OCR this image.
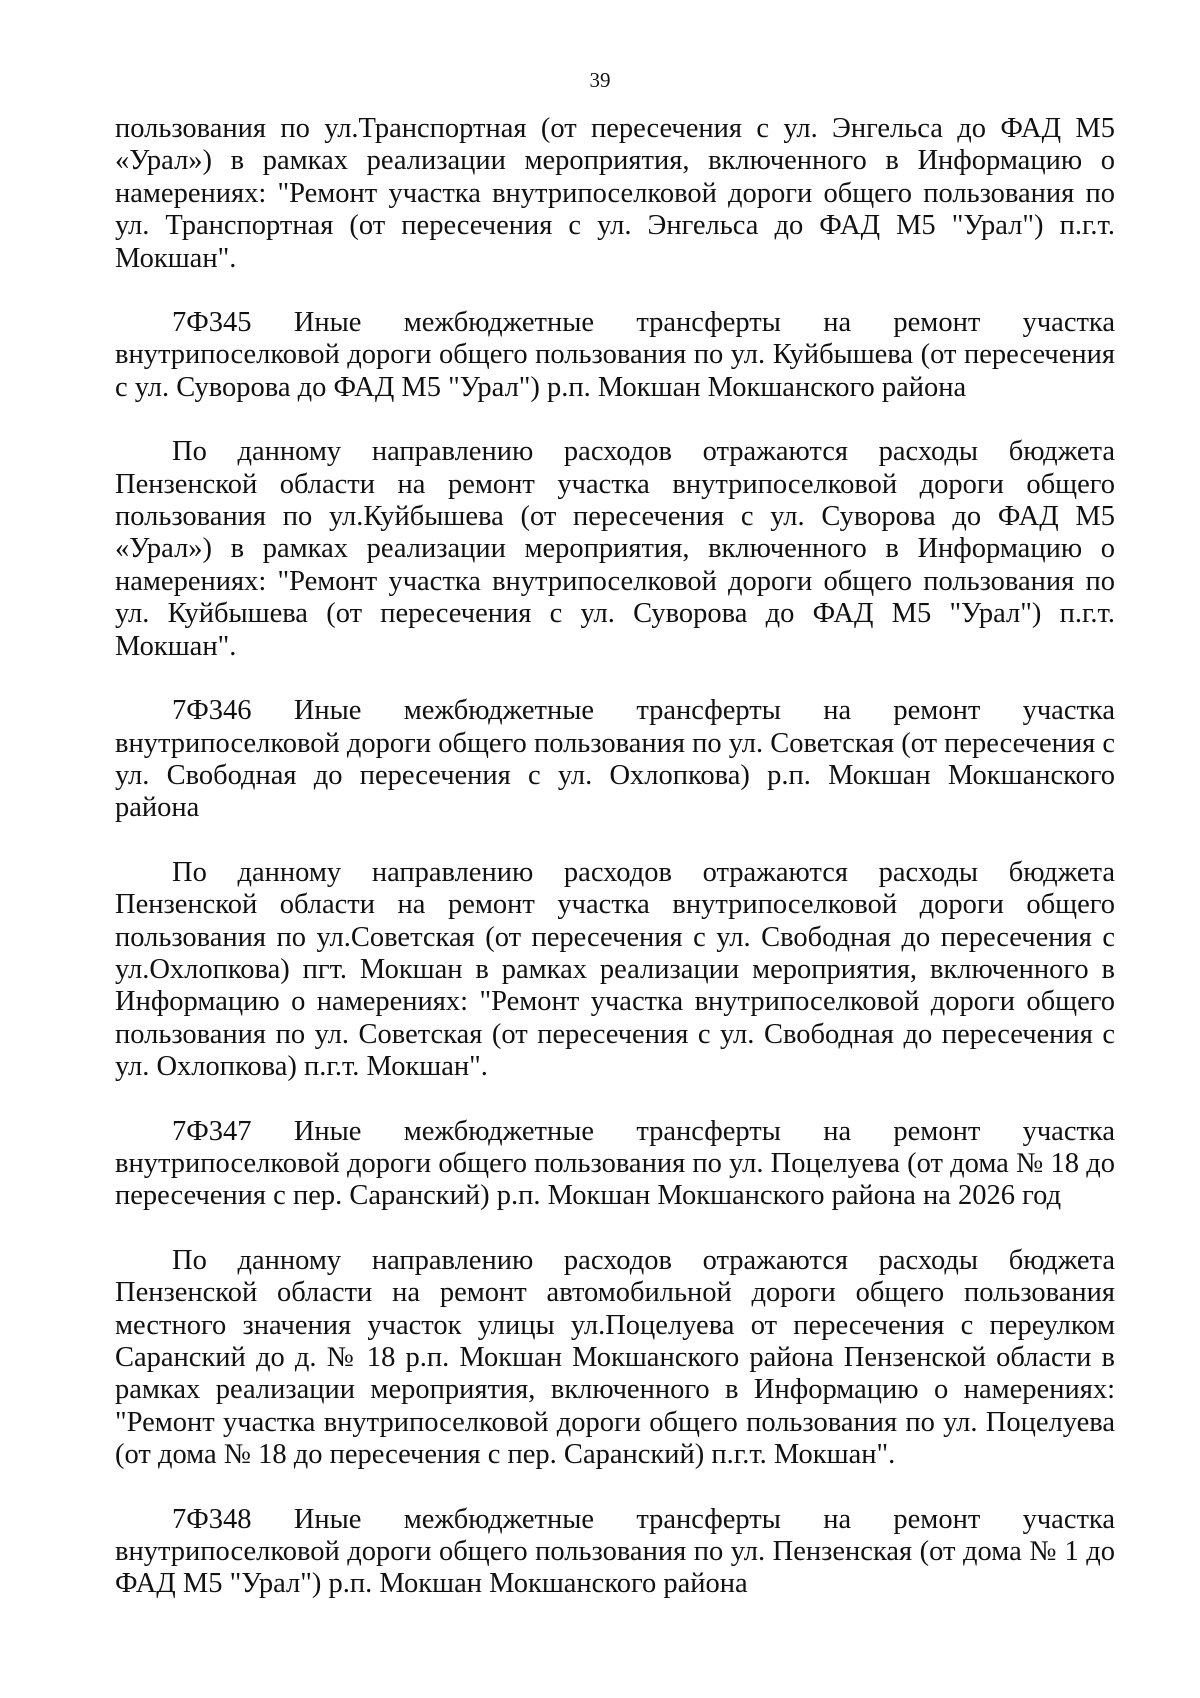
39

пользования по ул.Транспортная (от пересечения с ул. Энгельса до ФАД М5 «Урал») в рамках реализации мероприятия, включенного в Информацию о намерениях: "Ремонт участка внутрипоселковой дороги общего пользования по ул. Транспортная (от пересечения с ул. Энгельса до ФАД М5 "Урал") п.г.т. Мокшан".

7Ф345 Иные межбюджетные трансферты на ремонт участка внутрипоселковой дороги общего пользования по ул. Куйбышева (от пересечения с ул. Суворова до ФАД М5 "Урал") р.п. Мокшан Мокшанского района

По данному направлению расходов отражаются расходы бюджета Пензенской области на ремонт участка внутрипоселковой дороги общего пользования по ул.Куйбышева (от пересечения с ул. Суворова до ФАД М5 «Урал») в рамках реализации мероприятия, включенного в Информацию о намерениях: "Ремонт участка внутрипоселковой дороги общего пользования по ул. Куйбышева (от пересечения с ул. Суворова до ФАД М5 "Урал") п.г.т. Мокшан".

7Ф346 Иные межбюджетные трансферты на ремонт участка внутрипоселковой дороги общего пользования по ул. Советская (от пересечения с ул. Свободная до пересечения с ул. Охлопкова) р.п. Мокшан Мокшанского района

По данному направлению расходов отражаются расходы бюджета Пензенской области на ремонт участка внутрипоселковой дороги общего пользования по ул.Советская (от пересечения с ул. Свободная до пересечения с ул.Охлопкова) пгт. Мокшан в рамках реализации мероприятия, включенного в Информацию о намерениях: "Ремонт участка внутрипоселковой дороги общего пользования по ул. Советская (от пересечения с ул. Свободная до пересечения с ул. Охлопкова) п.г.т. Мокшан".

7Ф347 Иные межбюджетные трансферты на ремонт участка внутрипоселковой дороги общего пользования по ул. Поцелуева (от дома № 18 до пересечения с пер. Саранский) р.п. Мокшан Мокшанского района на 2026 год

По данному направлению расходов отражаются расходы бюджета Пензенской области на ремонт автомобильной дороги общего пользования местного значения участок улицы ул.Поцелуева от пересечения с переулком Саранский до д. № 18 р.п. Мокшан Мокшанского района Пензенской области в рамках реализации мероприятия, включенного в Информацию о намерениях: "Ремонт участка внутрипоселковой дороги общего пользования по ул. Поцелуева (от дома № 18 до пересечения с пер. Саранский) п.г.т. Мокшан".

7Ф348 Иные межбюджетные трансферты на ремонт участка внутрипоселковой дороги общего пользования по ул. Пензенская (от дома № 1 до ФАД М5 "Урал") р.п. Мокшан Мокшанского района
